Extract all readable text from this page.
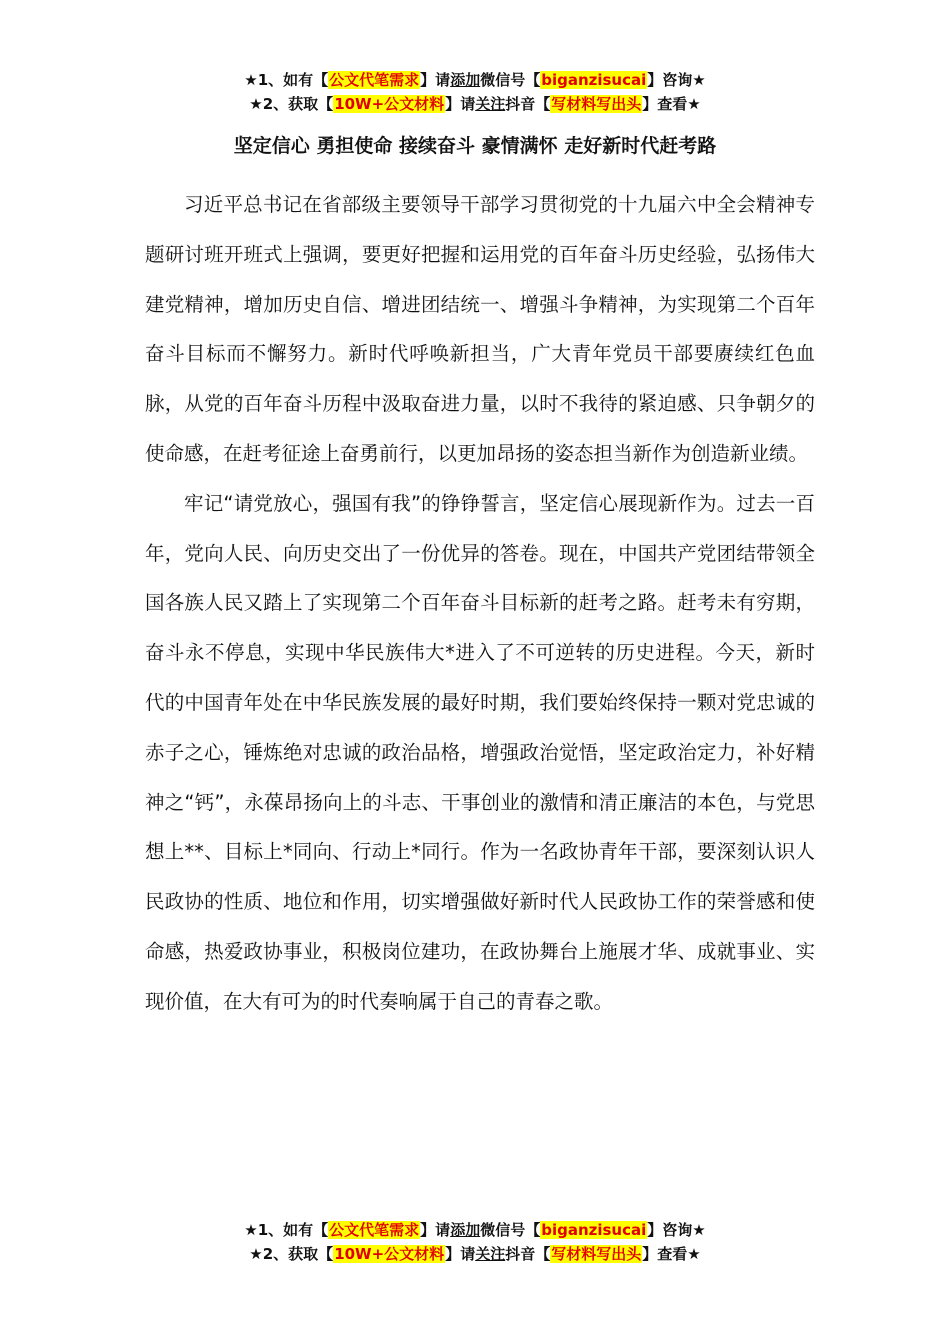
★1、如有【公文代笔需求】请添加微信号【biganzisucai】咨询★
★2、获取【10W+公文材料】请关注抖音【写材料写出头】查看★
坚定信心 勇担使命 接续奋斗 豪情满怀 走好新时代赶考路

习近平总书记在省部级主要领导干部学习贯彻党的十九届六中全会精神专题研讨班开班式上强调，要更好把握和运用党的百年奋斗历史经验，弘扬伟大建党精神，增加历史自信、增进团结统一、增强斗争精神，为实现第二个百年奋斗目标而不懈努力。新时代呼唤新担当，广大青年党员干部要赓续红色血脉，从党的百年奋斗历程中汲取奋进力量，以时不我待的紧迫感、只争朝夕的使命感，在赶考征途上奋勇前行，以更加昂扬的姿态担当新作为创造新业绩。

牢记“请党放心，强国有我”的铮铮誓言，坚定信心展现新作为。过去一百年，党向人民、向历史交出了一份优异的答卷。现在，中国共产党团结带领全国各族人民又踏上了实现第二个百年奋斗目标新的赶考之路。赶考未有穷期，奋斗永不停息，实现中华民族伟大*进入了不可逆转的历史进程。今天，新时代的中国青年处在中华民族发展的最好时期，我们要始终保持一颗对党忠诚的赤子之心，锤炼绝对忠诚的政治品格，增强政治觉悟，坚定政治定力，补好精神之“钙”，永葆昂扬向上的斗志、干事创业的激情和清正廉洁的本色，与党思想上**、目标上*同向、行动上*同行。作为一名政协青年干部，要深刻认识人民政协的性质、地位和作用，切实增强做好新时代人民政协工作的荣誉感和使命感，热爱政协事业，积极岗位建功，在政协舞台上施展才华、成就事业、实现价值，在大有可为的时代奏响属于自己的青春之歌。

★1、如有【公文代笔需求】请添加微信号【biganzisucai】咨询★
★2、获取【10W+公文材料】请关注抖音【写材料写出头】查看★
